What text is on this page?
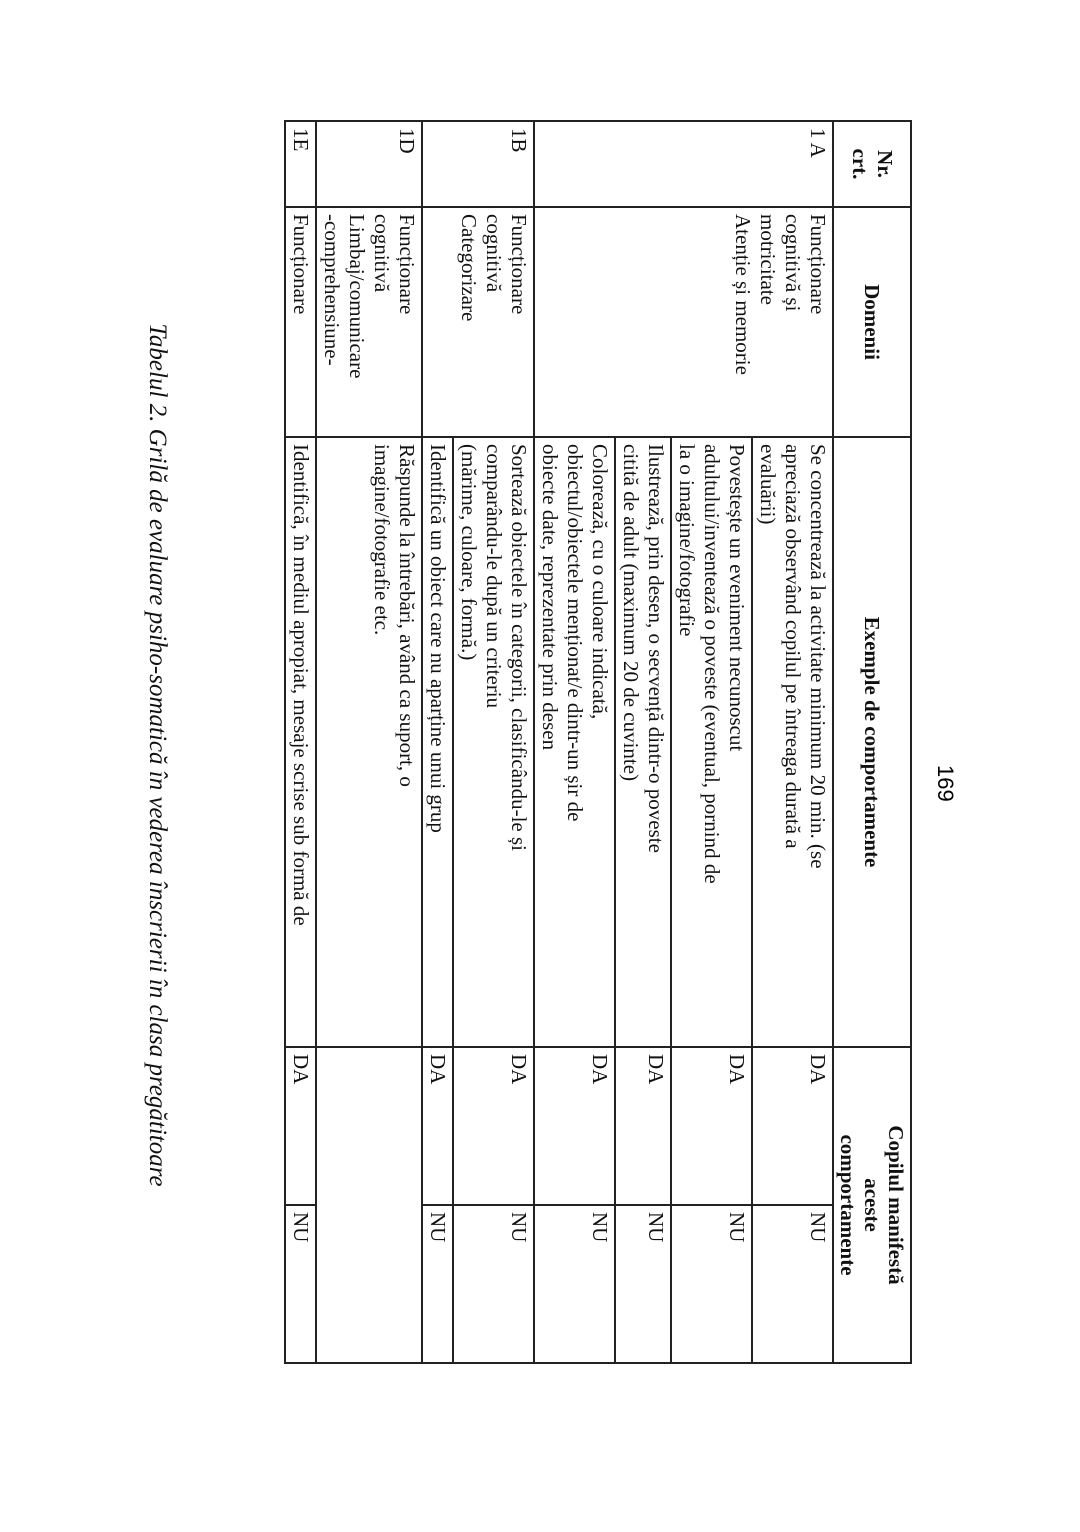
Nr.
crt.	Domenii	Exemple de comportamente	Copilul manifestă
aceste
comportamente	

1 A	Funcționare
cognitivă și
motricitate
Atenție și memorie	Se concentrează la activitate minimum 20 min. (se
apreciază observând copilul pe întreaga durată a
evaluării)	DA	NU
		Povestește un eveniment necunoscut
adultului/inventează o poveste (eventual, pornind de
la o imagine/fotografie	DA	NU
		Ilustrează, prin desen, o secvență dintr-o poveste
citită de adult (maximum 20 de cuvinte)	DA	NU
		Colorează, cu o culoare indicată,
obiectul/obiectele menționat/e dintr-un șir de
obiecte date, reprezentate prin desen	DA	NU
1B	Funcționare
cognitivă
Categorizare	Sortează obiectele în categorii, clasificându-le și
comparându-le după un criteriu
(mărime, culoare, formă.)	DA	NU
		Identifică un obiect care nu aparține unui grup	DA	NU
1D	Funcționare
cognitivă
Limbaj/comunicare
-comprehensiune-	Răspunde la întrebări, având ca suport, o
imagine/fotografie etc.		
1E	Funcționare	Identifică, în mediul apropiat, mesaje scrise sub formă de	DA	NU
Tabelul 2. Grilă de evaluare psiho-somatică în vederea înscrierii în clasa pregătitoare	169
